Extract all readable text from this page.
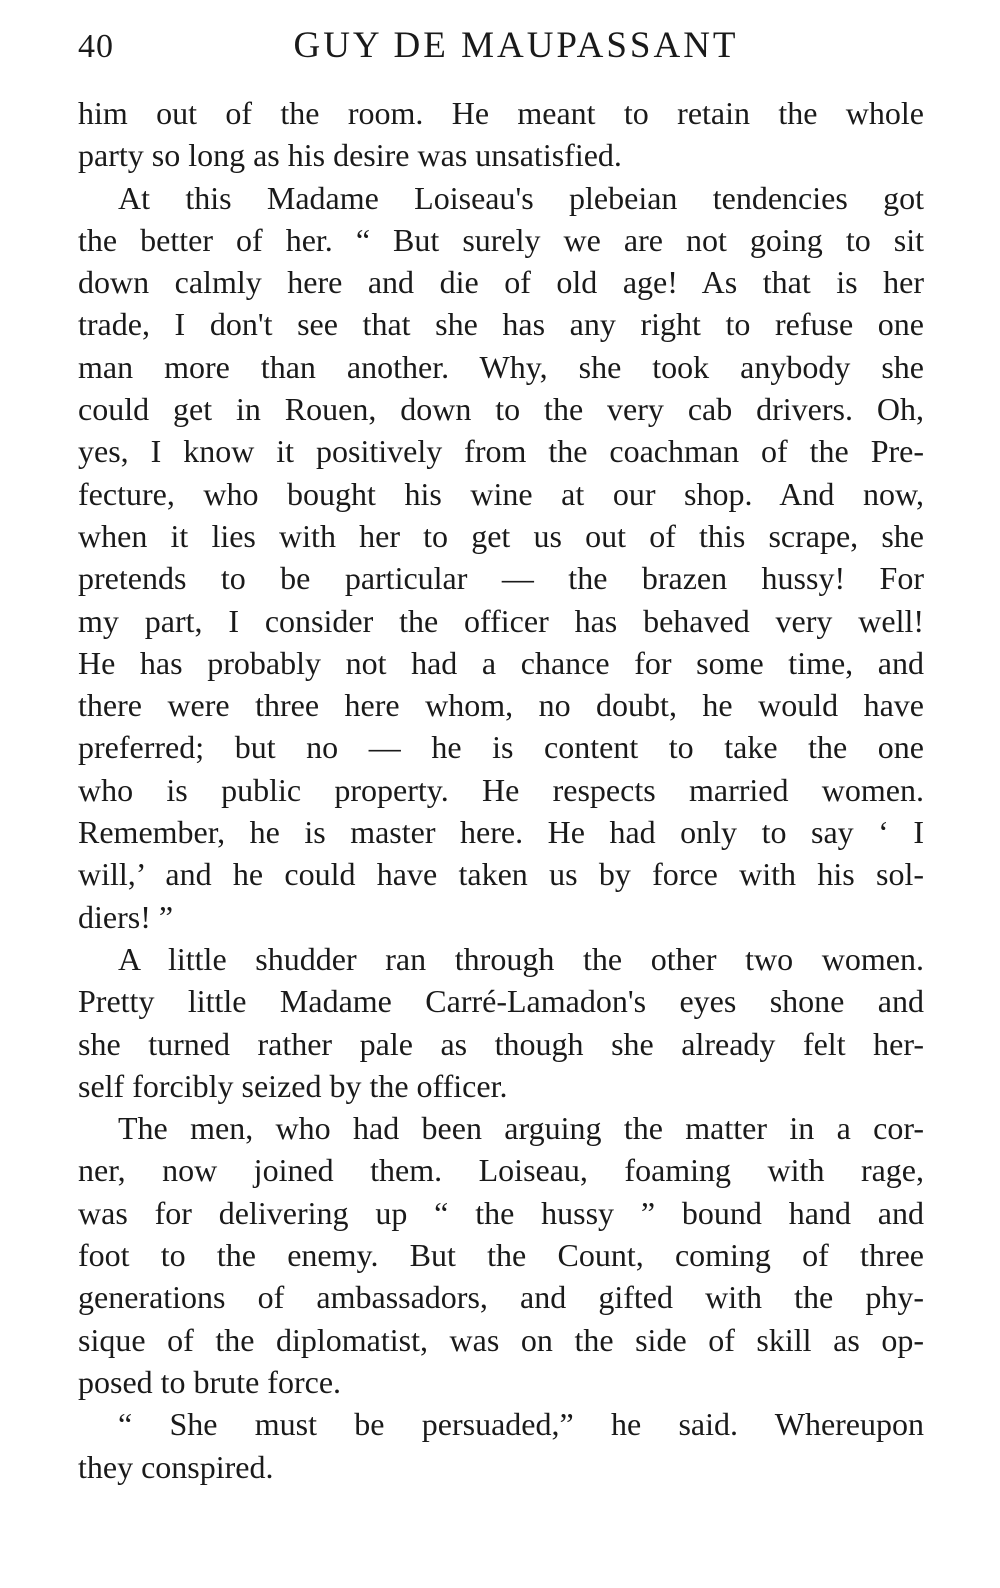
40	GUY DE MAUPASSANT
him out of the room. He meant to retain the whole
party so long as his desire was unsatisfied.
At this Madame Loiseau's plebeian tendencies got
the better of her. “ But surely we are not going to sit
down calmly here and die of old age! As that is her
trade, I don't see that she has any right to refuse one
man more than another. Why, she took anybody she
could get in Rouen, down to the very cab drivers. Oh,
yes, I know it positively from the coachman of the Pre-
fecture, who bought his wine at our shop. And now,
when it lies with her to get us out of this scrape, she
pretends to be particular — the brazen hussy! For
my part, I consider the officer has behaved very well!
He has probably not had a chance for some time, and
there were three here whom, no doubt, he would have
preferred; but no — he is content to take the one
who is public property. He respects married women.
Remember, he is master here. He had only to say ‘ I
will,’ and he could have taken us by force with his sol-
diers! ”
A little shudder ran through the other two women.
Pretty little Madame Carré-Lamadon's eyes shone and
she turned rather pale as though she already felt her-
self forcibly seized by the officer.
The men, who had been arguing the matter in a cor-
ner, now joined them. Loiseau, foaming with rage,
was for delivering up “ the hussy ” bound hand and
foot to the enemy. But the Count, coming of three
generations of ambassadors, and gifted with the phy-
sique of the diplomatist, was on the side of skill as op-
posed to brute force.
“ She must be persuaded,” he said. Whereupon
they conspired.
